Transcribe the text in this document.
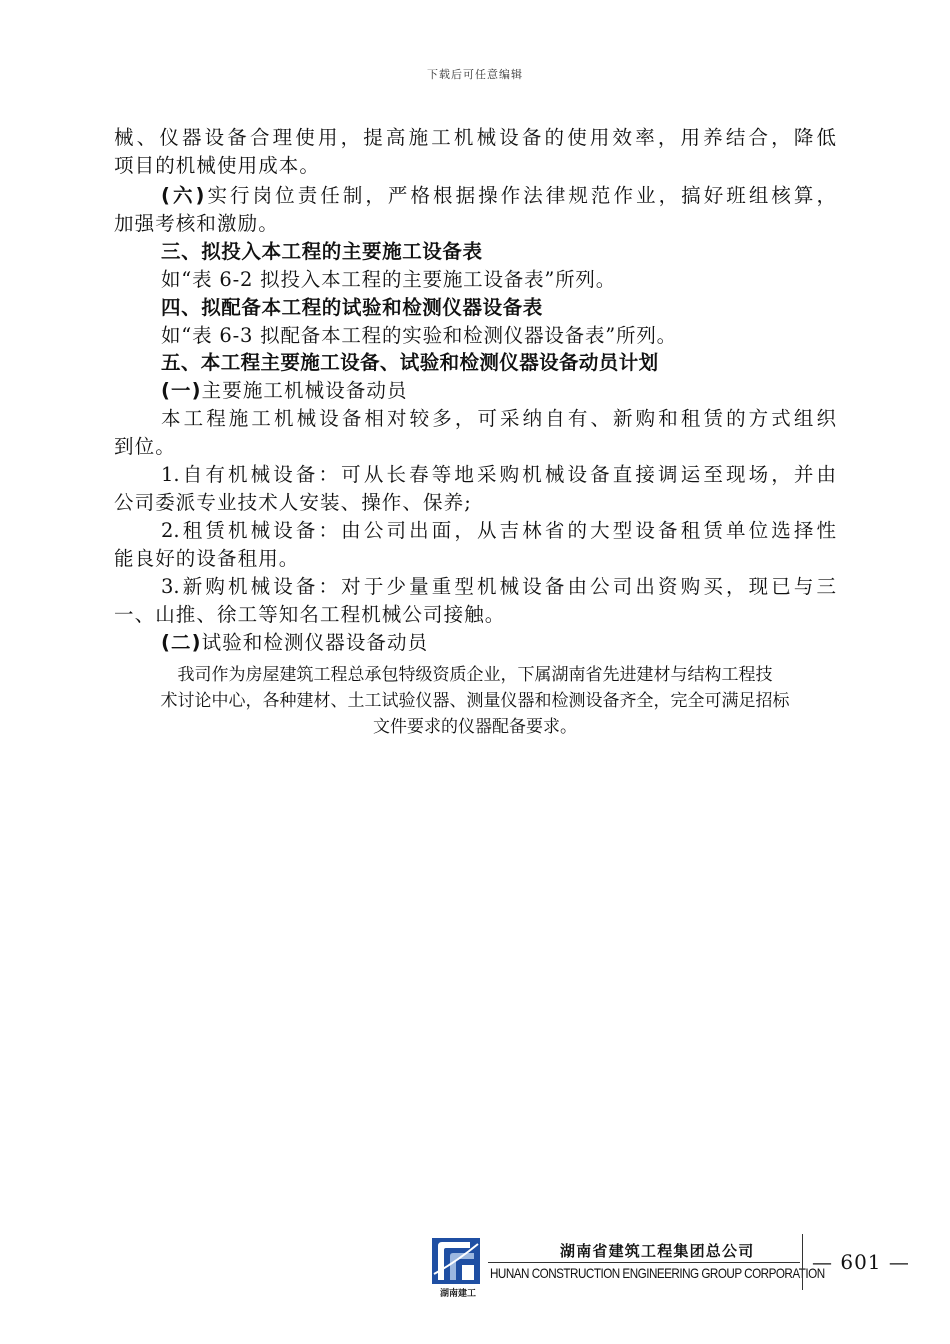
下载后可任意编辑
械、仪器设备合理使用，提高施工机械设备的使用效率，用养结合，降低
项目的机械使用成本。
(六)实行岗位责任制，严格根据操作法律规范作业，搞好班组核算，
加强考核和激励。
三、拟投入本工程的主要施工设备表
如“表 6-2 拟投入本工程的主要施工设备表”所列。
四、拟配备本工程的试验和检测仪器设备表
如“表 6-3 拟配备本工程的实验和检测仪器设备表”所列。
五、本工程主要施工设备、试验和检测仪器设备动员计划
(一)主要施工机械设备动员
本工程施工机械设备相对较多，可采纳自有、新购和租赁的方式组织
到位。
1.自有机械设备：可从长春等地采购机械设备直接调运至现场，并由
公司委派专业技术人安装、操作、保养;
2.租赁机械设备：由公司出面，从吉林省的大型设备租赁单位选择性
能良好的设备租用。
3.新购机械设备：对于少量重型机械设备由公司出资购买，现已与三
一、山推、徐工等知名工程机械公司接触。
(二)试验和检测仪器设备动员
我司作为房屋建筑工程总承包特级资质企业，下属湖南省先进建材与结构工程技
术讨论中心，各种建材、土工试验仪器、测量仪器和检测设备齐全，完全可满足招标
文件要求的仪器配备要求。
湖南建工
湖南省建筑工程集团总公司
HUNAN CONSTRUCTION ENGINEERING GROUP CORPORATION
— 601 —
